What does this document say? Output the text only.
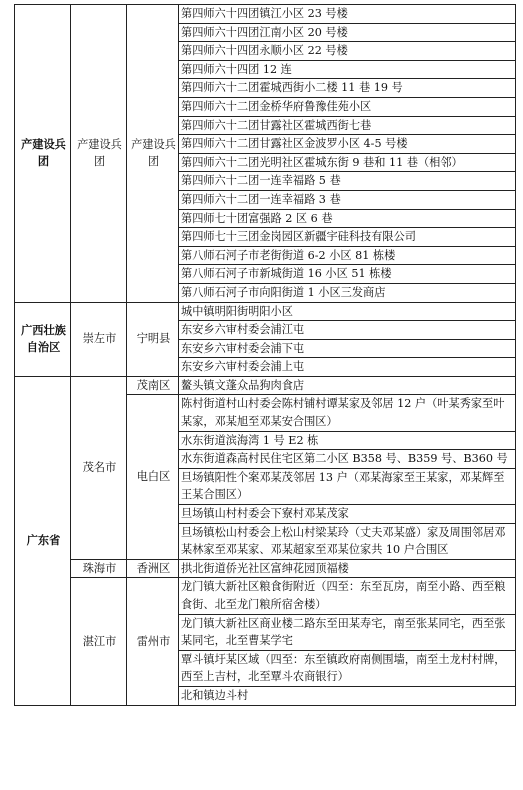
产建设兵团	产建设兵团	产建设兵团	第四师六十四团镇江小区 23 号楼
			第四师六十四团江南小区 20 号楼
			第四师六十四团永顺小区 22 号楼
			第四师六十四团 12 连
			第四师六十二团霍城西街小二楼 11 巷 19 号
			第四师六十二团金桥华府鲁豫佳苑小区
			第四师六十二团甘露社区霍城西街七巷
			第四师六十二团甘露社区金波罗小区 4-5 号楼
			第四师六十二团光明社区霍城东街 9 巷和 11 巷（相邻）
			第四师六十二团一连幸福路 5 巷
			第四师六十二团一连幸福路 3 巷
			第四师七十团富强路 2 区 6 巷
			第四师七十三团金岗园区新疆宇硅科技有限公司
			第八师石河子市老街街道 6-2 小区 81 栋楼
			第八师石河子市新城街道 16 小区 51 栋楼
			第八师石河子市向阳街道 1 小区三发商店
广西壮族自治区	崇左市	宁明县	城中镇明阳街明阳小区
			东安乡六审村委会浦江屯
			东安乡六审村委会浦下屯
			东安乡六审村委会浦上屯
广东省	茂名市	茂南区	鳌头镇文蓬众品狗肉食店
		电白区	陈村街道村山村委会陈村铺村谭某家及邻居 12 户（叶某秀家至叶某家，邓某旭至邓某安合围区）
			水东街道滨海湾 1 号 E2 栋
			水东街道森高村民住宅区第二小区 B358 号、B359 号、B360 号
			旦场镇阳性个案邓某茂邻居 13 户（邓某海家至王某家，邓某辉至王某合围区）
			旦场镇山村村委会下寮村邓某茂家
			旦场镇松山村委会上松山村梁某玲（丈夫邓某盛）家及周围邻居邓某林家至邓某家、邓某超家至邓某位家共 10 户合围区
	珠海市	香洲区	拱北街道侨光社区富绅花园顶福楼
	湛江市	雷州市	龙门镇大新社区粮食街附近（四至：东至瓦房，南至小路、西至粮食街、北至龙门粮所宿舍楼）
			龙门镇大新社区商业楼二路东至田某寿宅，南至张某同宅，西至张某同宅，北至曹某学宅
			覃斗镇圩某区域（四至：东至镇政府南侧围墙，南至土龙村村牌，西至上吉村，北至覃斗农商银行）
			北和镇边斗村
